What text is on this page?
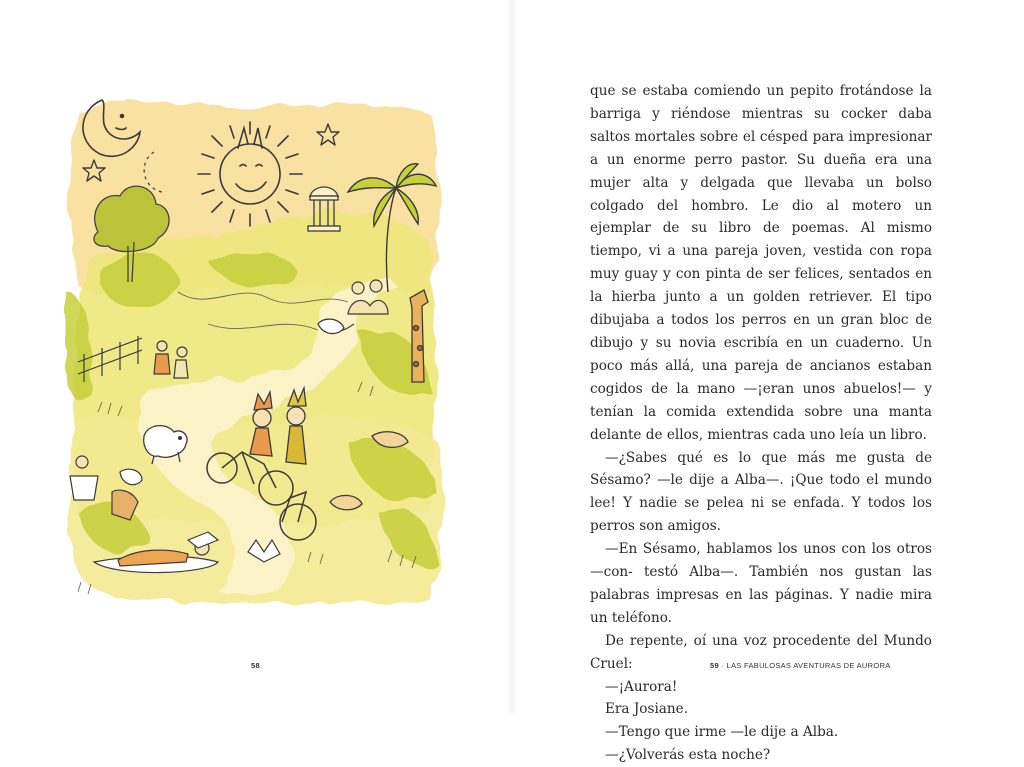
58

que se estaba comiendo un pepito frotándose la barriga y riéndose mientras su cocker daba saltos mortales sobre el césped para impresionar a un enorme perro pastor. Su dueña era una mujer alta y delgada que llevaba un bolso colgado del hombro. Le dio al motero un ejemplar de su libro de poemas. Al mismo tiempo, vi a una pareja joven, vestida con ropa muy guay y con pinta de ser felices, sentados en la hierba junto a un golden retriever. El tipo dibujaba a todos los perros en un gran bloc de dibujo y su novia escribía en un cuaderno. Un poco más allá, una pareja de ancianos estaban cogidos de la mano —¡eran unos abuelos!— y tenían la comida extendida sobre una manta delante de ellos, mientras cada uno leía un libro.

—¿Sabes qué es lo que más me gusta de Sésamo? —le dije a Alba—. ¡Que todo el mundo lee! Y nadie se pelea ni se enfada. Y todos los perros son amigos.

—En Sésamo, hablamos los unos con los otros —con- testó Alba—. También nos gustan las palabras impresas en las páginas. Y nadie mira un teléfono.

De repente, oí una voz procedente del Mundo Cruel:

—¡Aurora!

Era Josiane.

—Tengo que irme —le dije a Alba.

—¿Volverás esta noche?

59 · LAS FABULOSAS AVENTURAS DE AURORA
